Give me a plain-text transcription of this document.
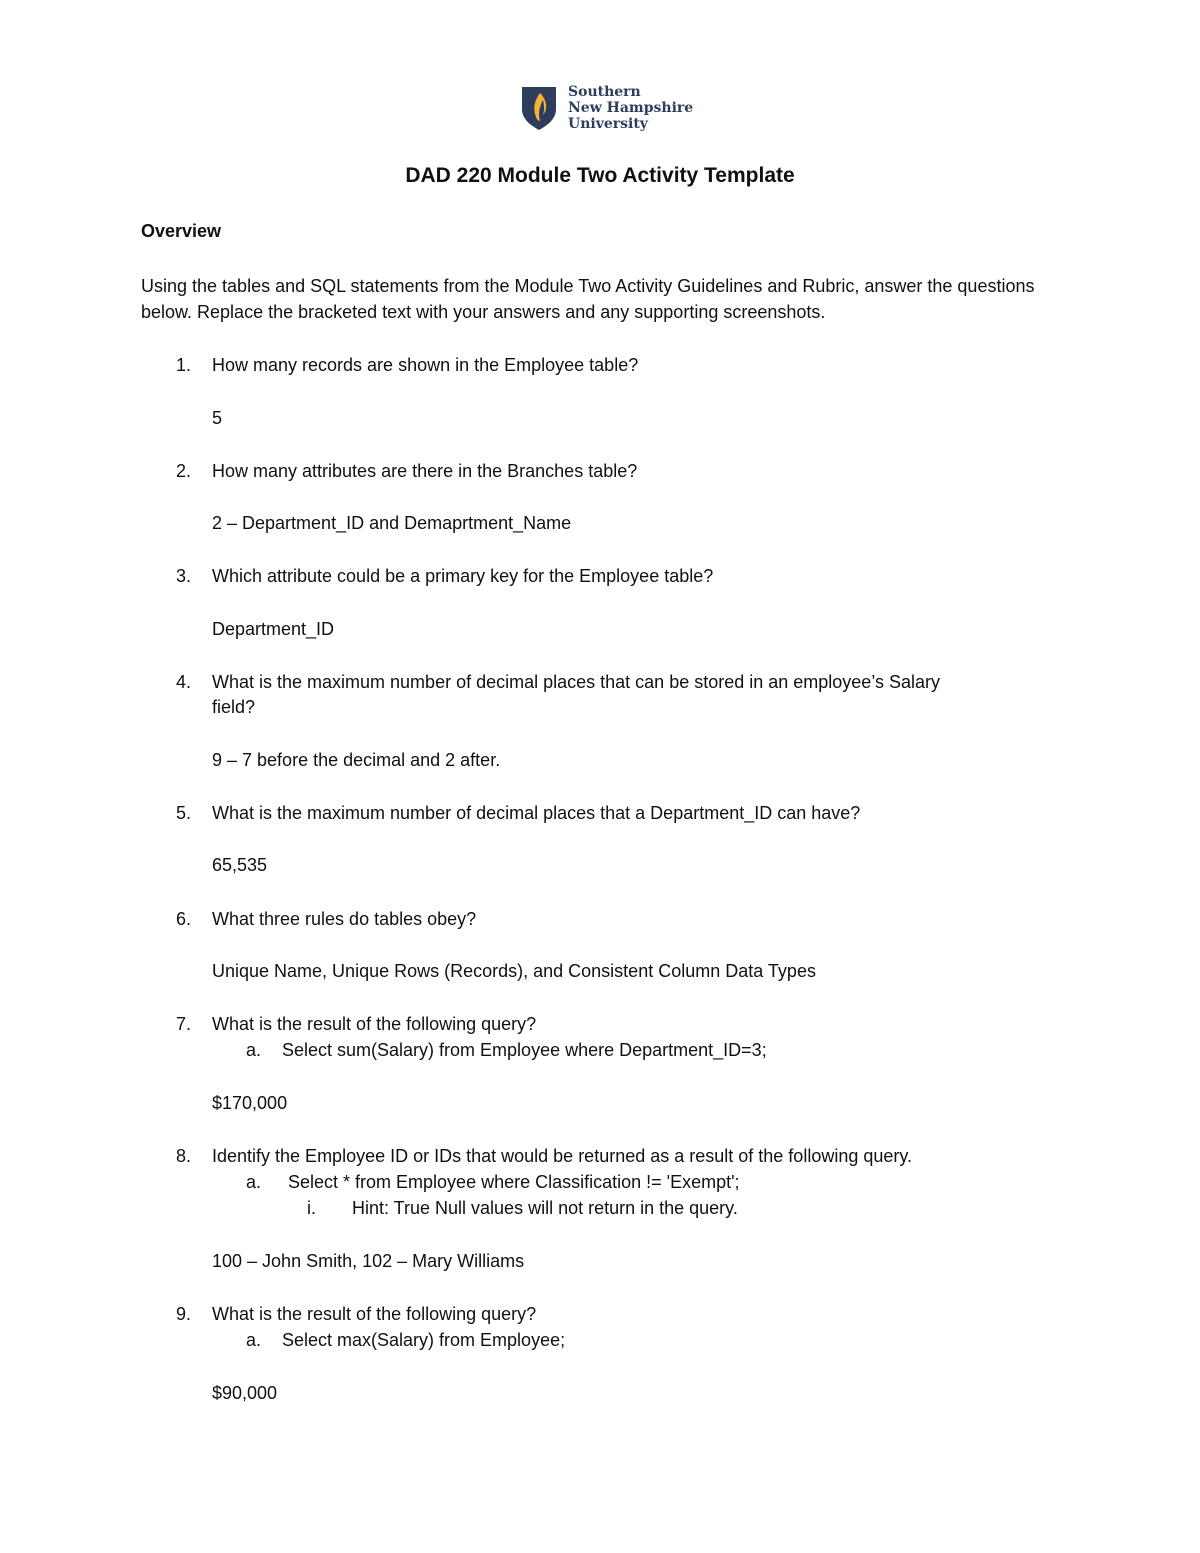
Southern
New Hampshire
University
DAD 220 Module Two Activity Template
Overview
Using the tables and SQL statements from the Module Two Activity Guidelines and Rubric, answer the questions below. Replace the bracketed text with your answers and any supporting screenshots.
1. How many records are shown in the Employee table?
5
2. How many attributes are there in the Branches table?
2 – Department_ID and Demaprtment_Name
3. Which attribute could be a primary key for the Employee table?
Department_ID
4. What is the maximum number of decimal places that can be stored in an employee’s Salary
field?
9 – 7 before the decimal and 2 after.
5. What is the maximum number of decimal places that a Department_ID can have?
65,535
6. What three rules do tables obey?
Unique Name, Unique Rows (Records), and Consistent Column Data Types
7. What is the result of the following query?
a. Select sum(Salary) from Employee where Department_ID=3;
$170,000
8. Identify the Employee ID or IDs that would be returned as a result of the following query.
a. Select * from Employee where Classification != 'Exempt';
i. Hint: True Null values will not return in the query.
100 – John Smith, 102 – Mary Williams
9. What is the result of the following query?
a. Select max(Salary) from Employee;
$90,000
